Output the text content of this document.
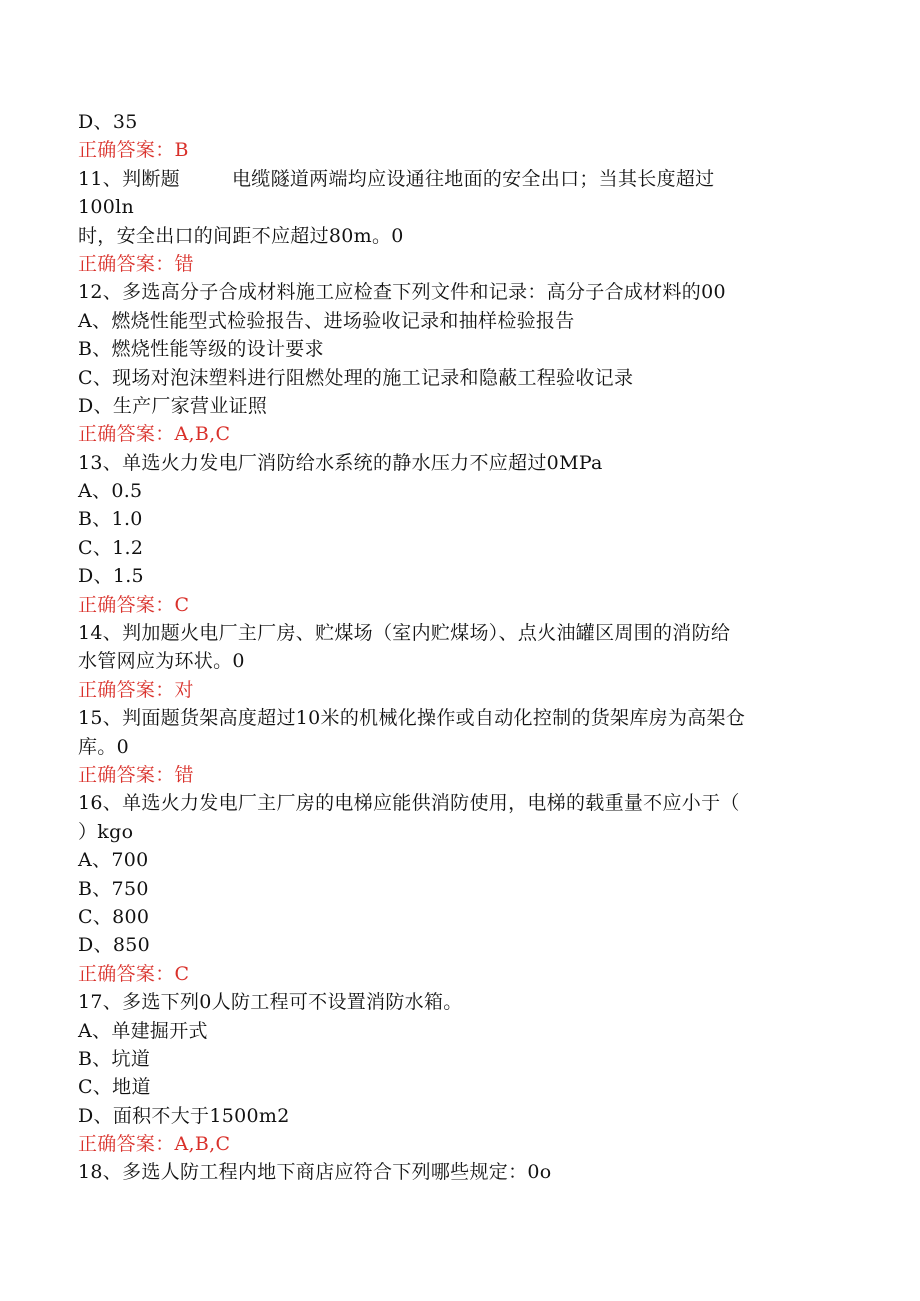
D、35
正确答案：B
11、判断题	电缆隧道两端均应设通往地面的安全出口；当其长度超过
100ln
时，安全出口的间距不应超过80m。0
正确答案：错
12、多选高分子合成材料施工应检查下列文件和记录：高分子合成材料的00
A、燃烧性能型式检验报告、进场验收记录和抽样检验报告
B、燃烧性能等级的设计要求
C、现场对泡沫塑料进行阻燃处理的施工记录和隐蔽工程验收记录
D、生产厂家营业证照
正确答案：A,B,C
13、单选火力发电厂消防给水系统的静水压力不应超过0MPa
A、0.5
B、1.0
C、1.2
D、1.5
正确答案：C
14、判加题火电厂主厂房、贮煤场（室内贮煤场）、点火油罐区周围的消防给
水管网应为环状。0
正确答案：对
15、判面题货架高度超过10米的机械化操作或自动化控制的货架库房为高架仓
库。0
正确答案：错
16、单选火力发电厂主厂房的电梯应能供消防使用，电梯的载重量不应小于（
）kgo
A、700
B、750
C、800
D、850
正确答案：C
17、多选下列0人防工程可不设置消防水箱。
A、单建掘开式
B、坑道
C、地道
D、面积不大于1500m2
正确答案：A,B,C
18、多选人防工程内地下商店应符合下列哪些规定：0o
